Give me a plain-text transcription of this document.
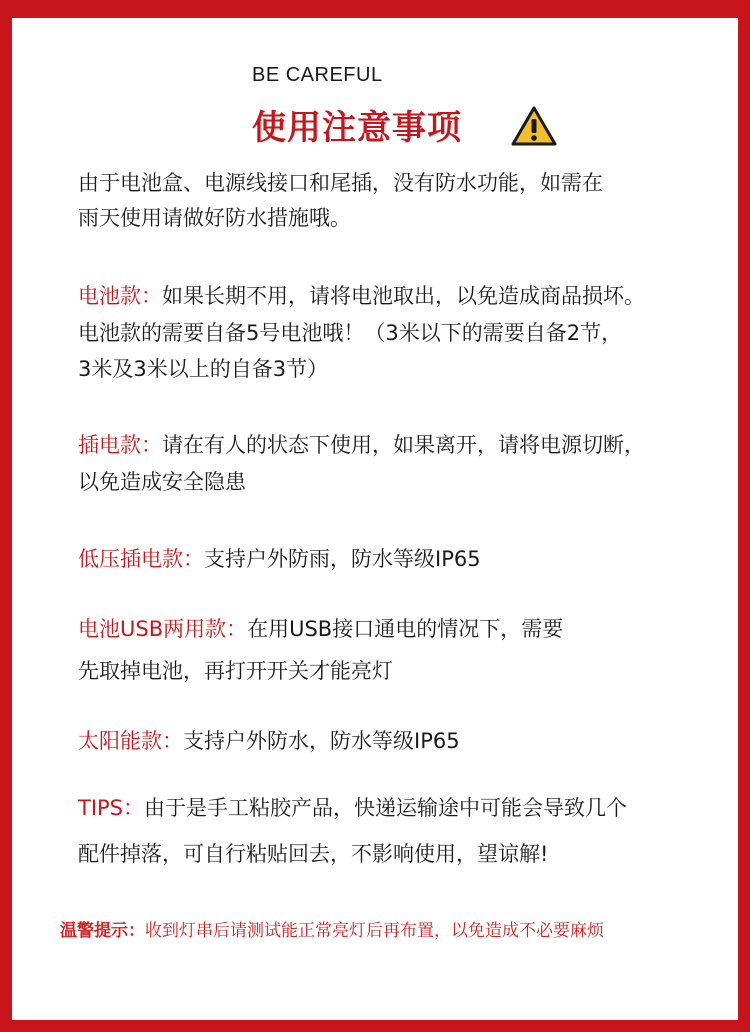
BE CAREFUL
使用注意事项
由于电池盒、电源线接口和尾插，没有防水功能，如需在
雨天使用请做好防水措施哦。
电池款：如果长期不用，请将电池取出，以免造成商品损坏。
电池款的需要自备5号电池哦！（3米以下的需要自备2节，
3米及3米以上的自备3节）
插电款：请在有人的状态下使用，如果离开，请将电源切断，
以免造成安全隐患
低压插电款：支持户外防雨，防水等级IP65
电池USB两用款：在用USB接口通电的情况下，需要
先取掉电池，再打开开关才能亮灯
太阳能款：支持户外防水，防水等级IP65
TIPS：由于是手工粘胶产品，快递运输途中可能会导致几个
配件掉落，可自行粘贴回去，不影响使用，望谅解!
温警提示：收到灯串后请测试能正常亮灯后再布置，以免造成不必要麻烦
